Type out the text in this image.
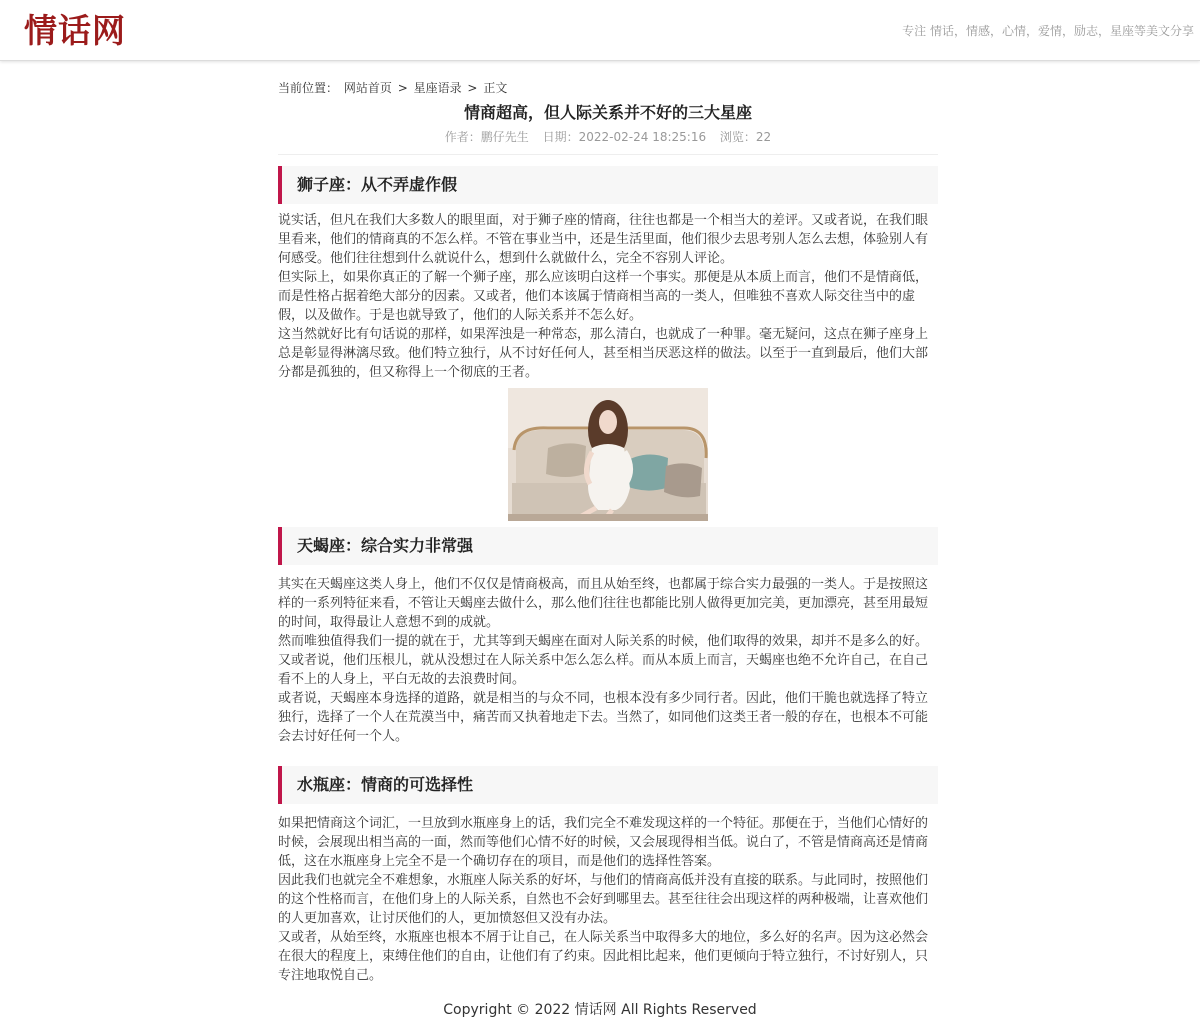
情话网	专注 情话，情感，心情，爱情，励志，星座等美文分享
当前位置： 网站首页 > 星座语录 > 正文
情商超高，但人际关系并不好的三大星座
作者：鹏仔先生 日期：2022-02-24 18:25:16 浏览：22
狮子座：从不弄虚作假

说实话，但凡在我们大多数人的眼里面，对于狮子座的情商，往往也都是一个相当大的差评。又或者说，在我们眼里看来，他们的情商真的不怎么样。不管在事业当中，还是生活里面，他们很少去思考别人怎么去想，体验别人有何感受。他们往往想到什么就说什么，想到什么就做什么，完全不容别人评论。

但实际上，如果你真正的了解一个狮子座，那么应该明白这样一个事实。那便是从本质上而言，他们不是情商低，而是性格占据着绝大部分的因素。又或者，他们本该属于情商相当高的一类人，但唯独不喜欢人际交往当中的虚假，以及做作。于是也就导致了，他们的人际关系并不怎么好。

这当然就好比有句话说的那样，如果浑浊是一种常态，那么清白，也就成了一种罪。毫无疑问，这点在狮子座身上总是彰显得淋漓尽致。他们特立独行，从不讨好任何人，甚至相当厌恶这样的做法。以至于一直到最后，他们大部分都是孤独的，但又称得上一个彻底的王者。

天蝎座：综合实力非常强

其实在天蝎座这类人身上，他们不仅仅是情商极高，而且从始至终，也都属于综合实力最强的一类人。于是按照这样的一系列特征来看，不管让天蝎座去做什么，那么他们往往也都能比别人做得更加完美，更加漂亮，甚至用最短的时间，取得最让人意想不到的成就。

然而唯独值得我们一提的就在于，尤其等到天蝎座在面对人际关系的时候，他们取得的效果，却并不是多么的好。又或者说，他们压根儿，就从没想过在人际关系中怎么怎么样。而从本质上而言，天蝎座也绝不允许自己，在自己看不上的人身上，平白无故的去浪费时间。

或者说，天蝎座本身选择的道路，就是相当的与众不同，也根本没有多少同行者。因此，他们干脆也就选择了特立独行，选择了一个人在荒漠当中，痛苦而又执着地走下去。当然了，如同他们这类王者一般的存在，也根本不可能会去讨好任何一个人。

水瓶座：情商的可选择性

如果把情商这个词汇，一旦放到水瓶座身上的话，我们完全不难发现这样的一个特征。那便在于，当他们心情好的时候，会展现出相当高的一面，然而等他们心情不好的时候，又会展现得相当低。说白了，不管是情商高还是情商低，这在水瓶座身上完全不是一个确切存在的项目，而是他们的选择性答案。

因此我们也就完全不难想象，水瓶座人际关系的好坏，与他们的情商高低并没有直接的联系。与此同时，按照他们的这个性格而言，在他们身上的人际关系，自然也不会好到哪里去。甚至往往会出现这样的两种极端，让喜欢他们的人更加喜欢，让讨厌他们的人，更加愤怒但又没有办法。

又或者，从始至终，水瓶座也根本不屑于让自己，在人际关系当中取得多大的地位，多么好的名声。因为这必然会在很大的程度上，束缚住他们的自由，让他们有了约束。因此相比起来，他们更倾向于特立独行，不讨好别人，只专注地取悦自己。

Copyright © 2022 情话网 All Rights Reserved
